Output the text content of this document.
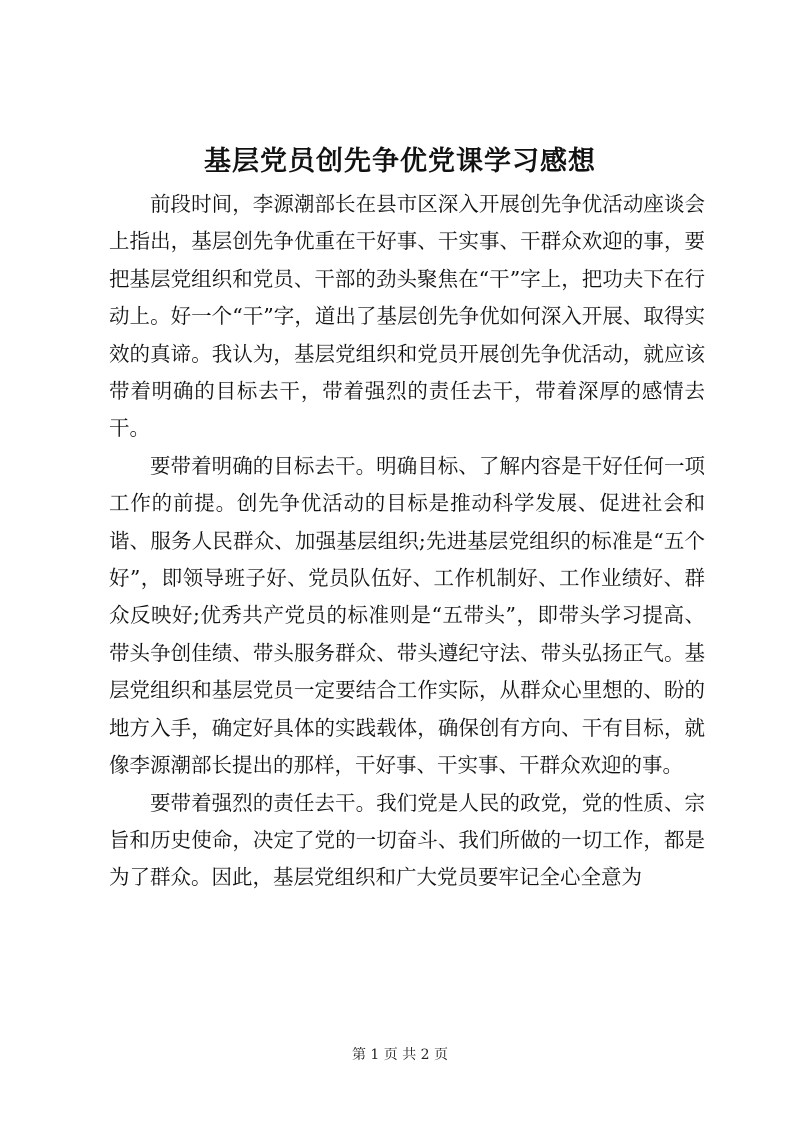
基层党员创先争优党课学习感想

前段时间，李源潮部长在县市区深入开展创先争优活动座谈会上指出，基层创先争优重在干好事、干实事、干群众欢迎的事，要把基层党组织和党员、干部的劲头聚焦在“干”字上，把功夫下在行动上。好一个“干”字，道出了基层创先争优如何深入开展、取得实效的真谛。我认为，基层党组织和党员开展创先争优活动，就应该带着明确的目标去干，带着强烈的责任去干，带着深厚的感情去干。

要带着明确的目标去干。明确目标、了解内容是干好任何一项工作的前提。创先争优活动的目标是推动科学发展、促进社会和谐、服务人民群众、加强基层组织;先进基层党组织的标准是“五个好”，即领导班子好、党员队伍好、工作机制好、工作业绩好、群众反映好;优秀共产党员的标准则是“五带头”，即带头学习提高、带头争创佳绩、带头服务群众、带头遵纪守法、带头弘扬正气。基层党组织和基层党员一定要结合工作实际，从群众心里想的、盼的地方入手，确定好具体的实践载体，确保创有方向、干有目标，就像李源潮部长提出的那样，干好事、干实事、干群众欢迎的事。

要带着强烈的责任去干。我们党是人民的政党，党的性质、宗旨和历史使命，决定了党的一切奋斗、我们所做的一切工作，都是为了群众。因此，基层党组织和广大党员要牢记全心全意为

第 1 页 共 2 页
